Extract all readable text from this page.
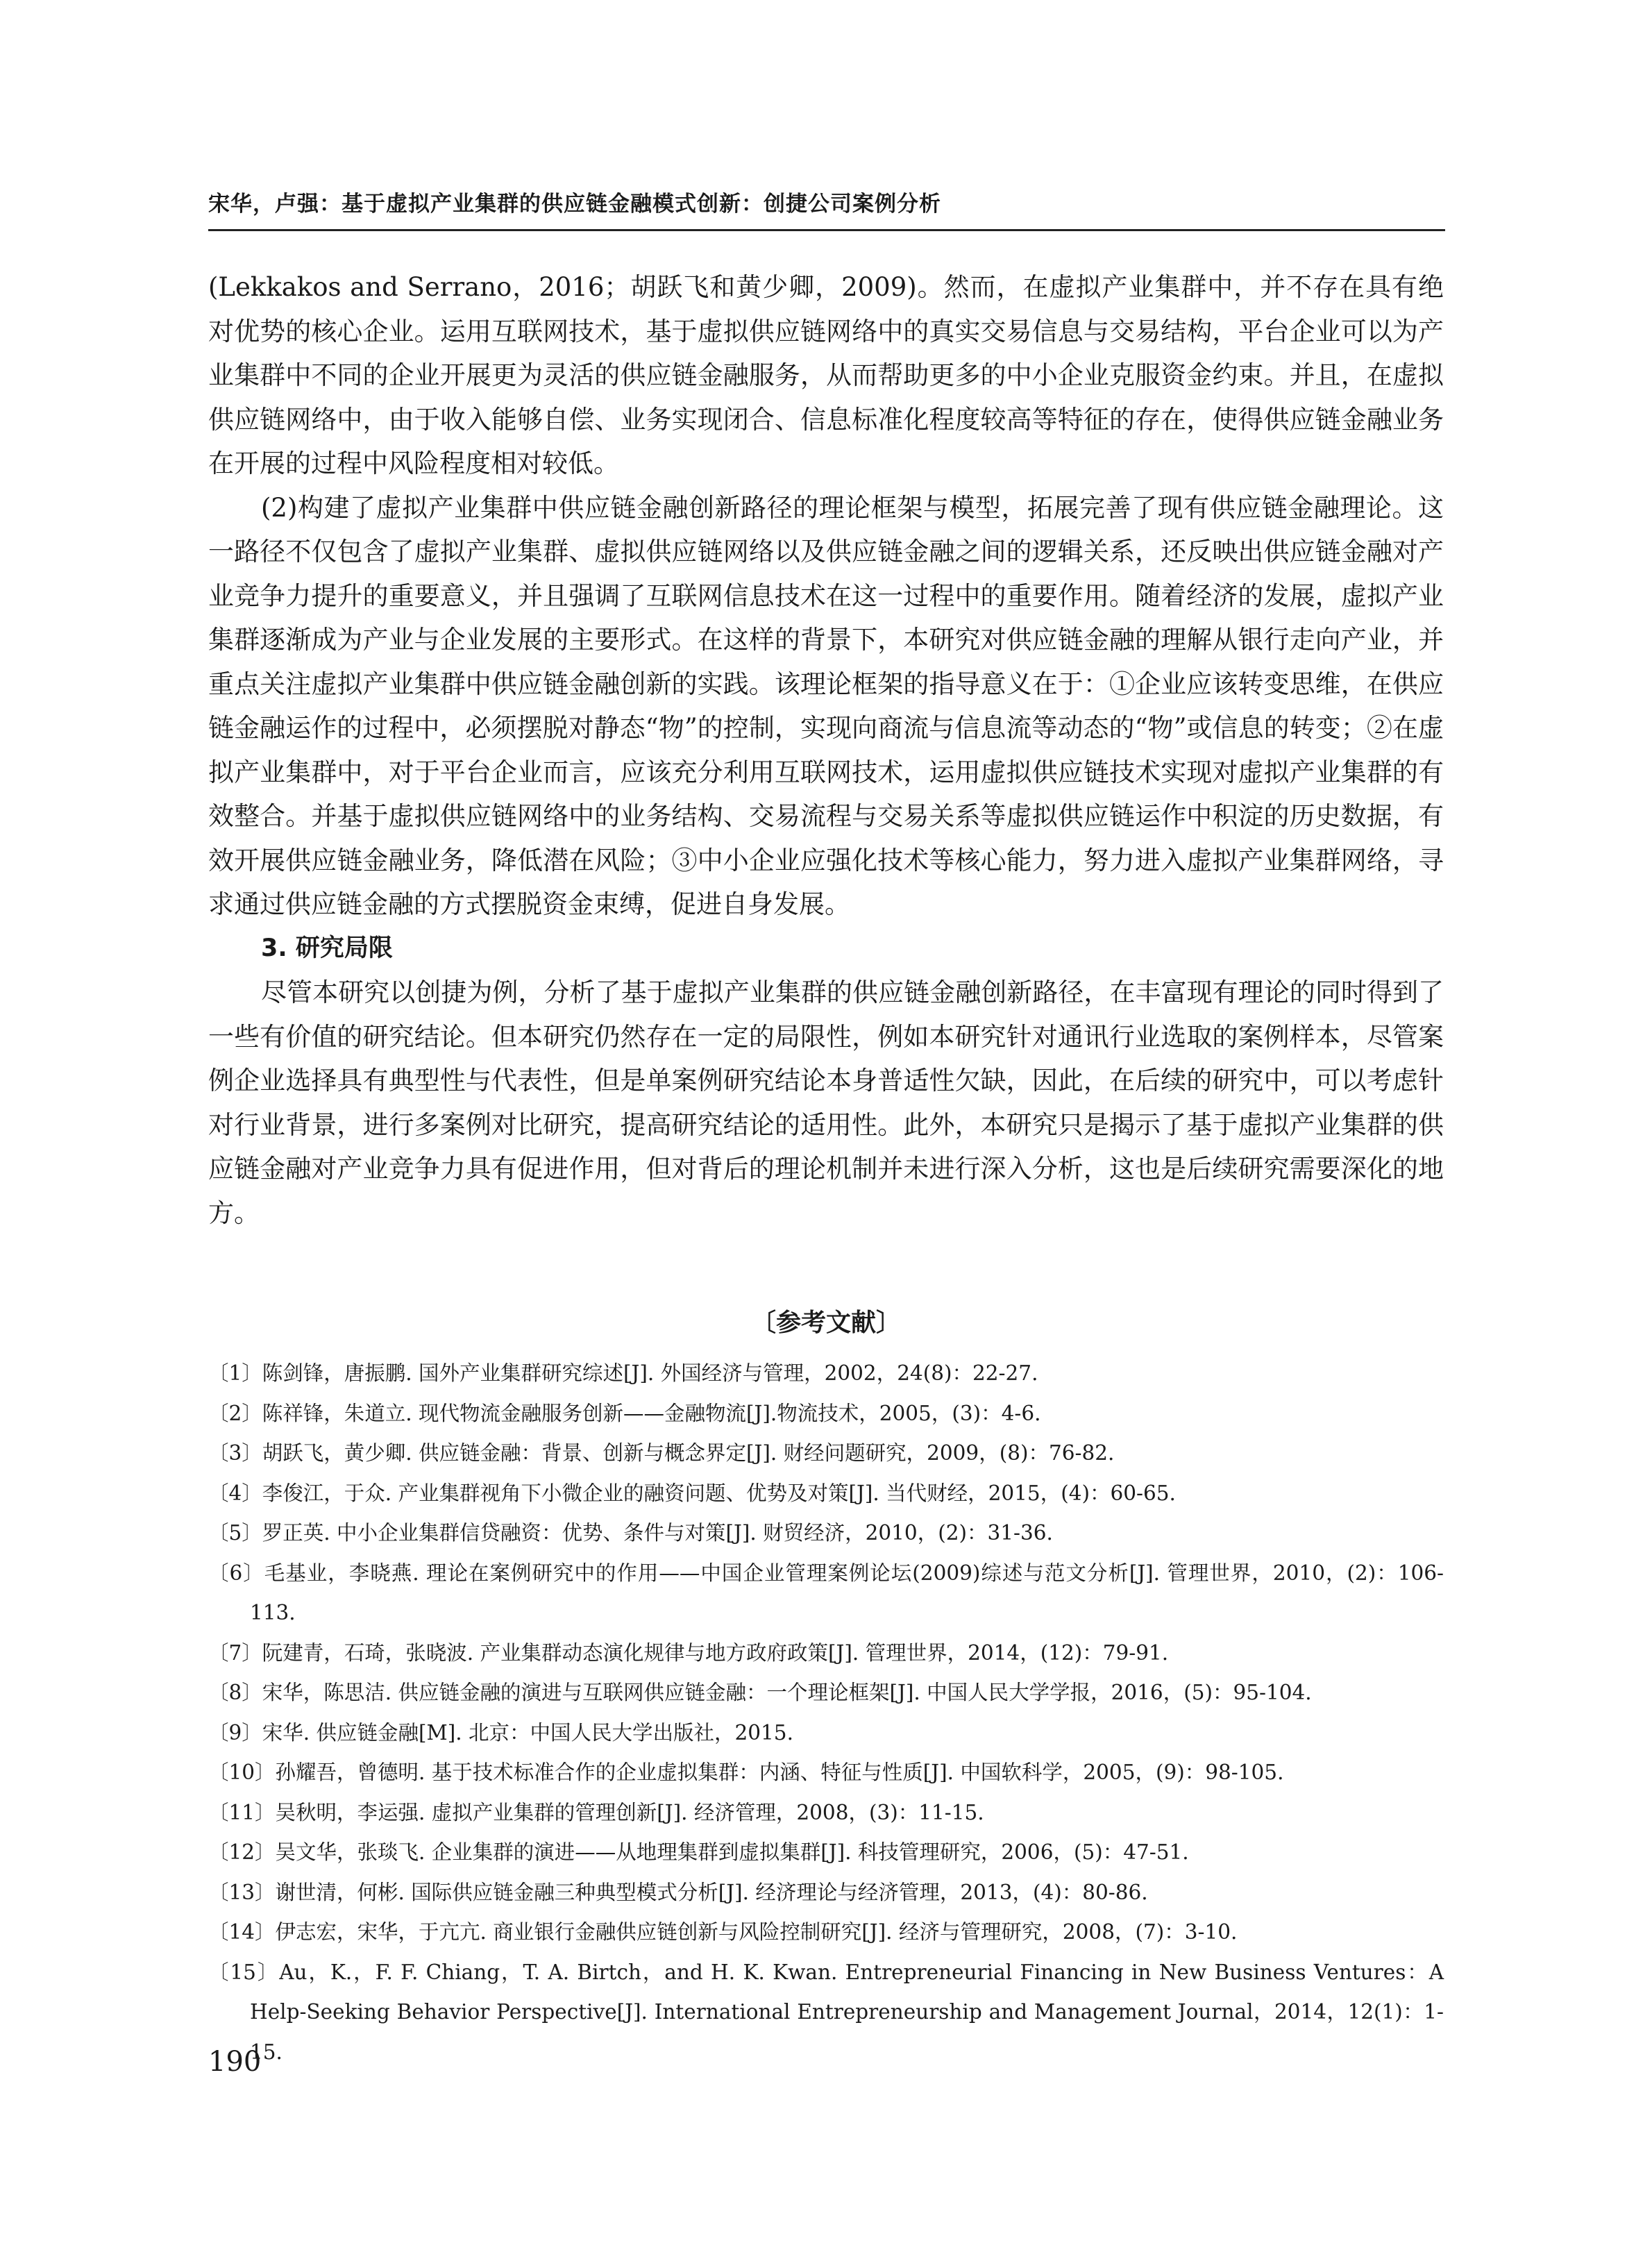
宋华，卢强：基于虚拟产业集群的供应链金融模式创新：创捷公司案例分析

(Lekkakos and Serrano，2016；胡跃飞和黄少卿，2009)。然而，在虚拟产业集群中，并不存在具有绝对优势的核心企业。运用互联网技术，基于虚拟供应链网络中的真实交易信息与交易结构，平台企业可以为产业集群中不同的企业开展更为灵活的供应链金融服务，从而帮助更多的中小企业克服资金约束。并且，在虚拟供应链网络中，由于收入能够自偿、业务实现闭合、信息标准化程度较高等特征的存在，使得供应链金融业务在开展的过程中风险程度相对较低。

(2)构建了虚拟产业集群中供应链金融创新路径的理论框架与模型，拓展完善了现有供应链金融理论。这一路径不仅包含了虚拟产业集群、虚拟供应链网络以及供应链金融之间的逻辑关系，还反映出供应链金融对产业竞争力提升的重要意义，并且强调了互联网信息技术在这一过程中的重要作用。随着经济的发展，虚拟产业集群逐渐成为产业与企业发展的主要形式。在这样的背景下，本研究对供应链金融的理解从银行走向产业，并重点关注虚拟产业集群中供应链金融创新的实践。该理论框架的指导意义在于：①企业应该转变思维，在供应链金融运作的过程中，必须摆脱对静态“物”的控制，实现向商流与信息流等动态的“物”或信息的转变；②在虚拟产业集群中，对于平台企业而言，应该充分利用互联网技术，运用虚拟供应链技术实现对虚拟产业集群的有效整合。并基于虚拟供应链网络中的业务结构、交易流程与交易关系等虚拟供应链运作中积淀的历史数据，有效开展供应链金融业务，降低潜在风险；③中小企业应强化技术等核心能力，努力进入虚拟产业集群网络，寻求通过供应链金融的方式摆脱资金束缚，促进自身发展。

3. 研究局限

尽管本研究以创捷为例，分析了基于虚拟产业集群的供应链金融创新路径，在丰富现有理论的同时得到了一些有价值的研究结论。但本研究仍然存在一定的局限性，例如本研究针对通讯行业选取的案例样本，尽管案例企业选择具有典型性与代表性，但是单案例研究结论本身普适性欠缺，因此，在后续的研究中，可以考虑针对行业背景，进行多案例对比研究，提高研究结论的适用性。此外，本研究只是揭示了基于虚拟产业集群的供应链金融对产业竞争力具有促进作用，但对背后的理论机制并未进行深入分析，这也是后续研究需要深化的地方。

〔参考文献〕
〔1〕陈剑锋，唐振鹏. 国外产业集群研究综述[J]. 外国经济与管理，2002，24(8)：22-27.
〔2〕陈祥锋，朱道立. 现代物流金融服务创新——金融物流[J].物流技术，2005，(3)：4-6.
〔3〕胡跃飞，黄少卿. 供应链金融：背景、创新与概念界定[J]. 财经问题研究，2009，(8)：76-82.
〔4〕李俊江，于众. 产业集群视角下小微企业的融资问题、优势及对策[J]. 当代财经，2015，(4)：60-65.
〔5〕罗正英. 中小企业集群信贷融资：优势、条件与对策[J]. 财贸经济，2010，(2)：31-36.
〔6〕毛基业，李晓燕. 理论在案例研究中的作用——中国企业管理案例论坛(2009)综述与范文分析[J]. 管理世界，2010，(2)：106-113.
〔7〕阮建青，石琦，张晓波. 产业集群动态演化规律与地方政府政策[J]. 管理世界，2014，(12)：79-91.
〔8〕宋华，陈思洁. 供应链金融的演进与互联网供应链金融：一个理论框架[J]. 中国人民大学学报，2016，(5)：95-104.
〔9〕宋华. 供应链金融[M]. 北京：中国人民大学出版社，2015.
〔10〕孙耀吾，曾德明. 基于技术标准合作的企业虚拟集群：内涵、特征与性质[J]. 中国软科学，2005，(9)：98-105.
〔11〕吴秋明，李运强. 虚拟产业集群的管理创新[J]. 经济管理，2008，(3)：11-15.
〔12〕吴文华，张琰飞. 企业集群的演进——从地理集群到虚拟集群[J]. 科技管理研究，2006，(5)：47-51.
〔13〕谢世清，何彬. 国际供应链金融三种典型模式分析[J]. 经济理论与经济管理，2013，(4)：80-86.
〔14〕伊志宏，宋华，于亢亢. 商业银行金融供应链创新与风险控制研究[J]. 经济与管理研究，2008，(7)：3-10.
〔15〕Au，K.，F. F. Chiang，T. A. Birtch，and H. K. Kwan. Entrepreneurial Financing in New Business Ventures：A Help-Seeking Behavior Perspective[J]. International Entrepreneurship and Management Journal，2014，12(1)：1-15.
190
